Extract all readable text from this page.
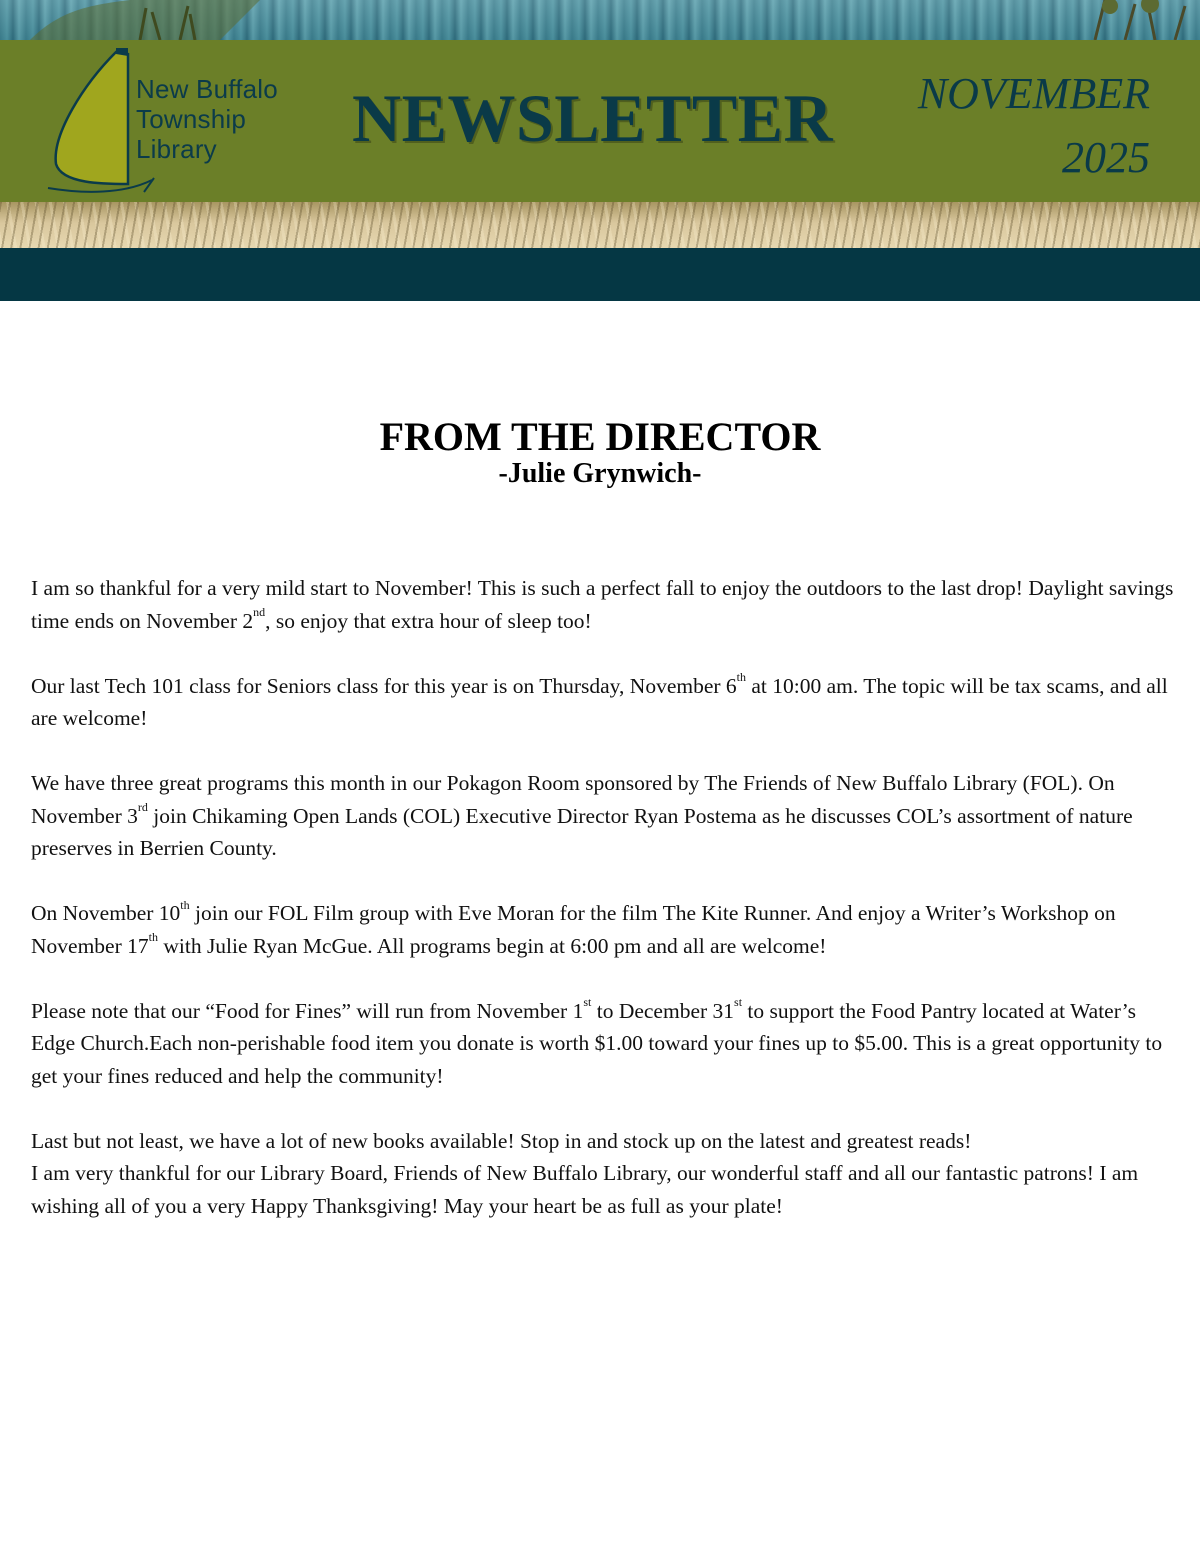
New Buffalo
Township
Library	NEWSLETTER NOVEMBER
2025
FROM THE DIRECTOR
-Julie Grynwich-

I am so thankful for a very mild start to November! This is such a perfect fall to enjoy the outdoors to the last drop! Daylight savings time ends on November 2nd, so enjoy that extra hour of sleep too!

Our last Tech 101 class for Seniors class for this year is on Thursday, November 6th at 10:00 am. The topic will be tax scams, and all are welcome!

We have three great programs this month in our Pokagon Room sponsored by The Friends of New Buffalo Library (FOL). On November 3rd join Chikaming Open Lands (COL) Executive Director Ryan Postema as he discusses COL’s assortment of nature preserves in Berrien County.

On November 10th join our FOL Film group with Eve Moran for the film The Kite Runner. And enjoy a Writer’s Workshop on November 17th with Julie Ryan McGue. All programs begin at 6:00 pm and all are welcome!

Please note that our “Food for Fines” will run from November 1st to December 31st to support the Food Pantry located at Water’s Edge Church.Each non-perishable food item you donate is worth $1.00 toward your fines up to $5.00. This is a great opportunity to get your fines reduced and help the community!

Last but not least, we have a lot of new books available! Stop in and stock up on the latest and greatest reads!

I am very thankful for our Library Board, Friends of New Buffalo Library, our wonderful staff and all our fantastic patrons! I am wishing all of you a very Happy Thanksgiving! May your heart be as full as your plate!
